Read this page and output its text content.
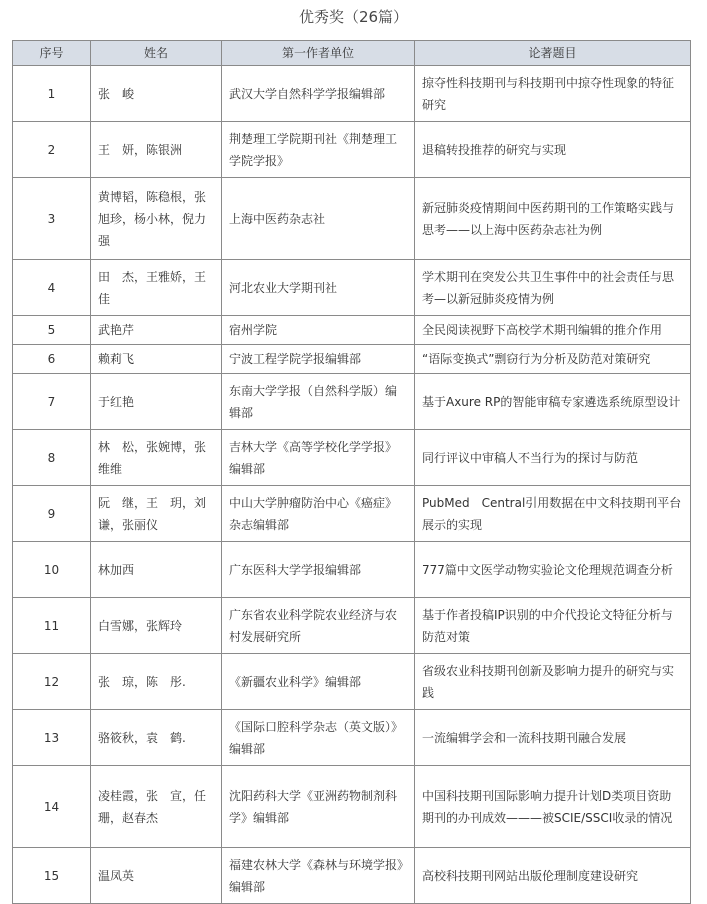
优秀奖（26篇）
序号	姓名	第一作者单位	论著题目
1	张　峻	武汉大学自然科学学报编辑部	掠夺性科技期刊与科技期刊中掠夺性现象的特征研究
2	王　妍，陈银洲	荆楚理工学院期刊社《荆楚理工学院学报》	退稿转投推荐的研究与实现
3	黄博韬，陈稳根，张旭珍，杨小林，倪力强	上海中医药杂志社	新冠肺炎疫情期间中医药期刊的工作策略实践与思考——以上海中医药杂志社为例
4	田　杰，王雅娇，王　佳	河北农业大学期刊社	学术期刊在突发公共卫生事件中的社会责任与思考—以新冠肺炎疫情为例
5	武艳芹	宿州学院	全民阅读视野下高校学术期刊编辑的推介作用
6	赖莉飞	宁波工程学院学报编辑部	“语际变换式”剽窃行为分析及防范对策研究
7	于红艳	东南大学学报（自然科学版）编辑部	基于Axure RP的智能审稿专家遴选系统原型设计
8	林　松，张婉博，张维维	吉林大学《高等学校化学学报》编辑部	同行评议中审稿人不当行为的探讨与防范
9	阮　继，王　玥，刘　谦，张丽仪	中山大学肿瘤防治中心《癌症》杂志编辑部	PubMed　Central引用数据在中文科技期刊平台展示的实现
10	林加西	广东医科大学学报编辑部	777篇中文医学动物实验论文伦理规范调查分析
11	白雪娜，张辉玲	广东省农业科学院农业经济与农村发展研究所	基于作者投稿IP识别的中介代投论文特征分析与防范对策
12	张　琼，陈　彤.	《新疆农业科学》编辑部	省级农业科技期刊创新及影响力提升的研究与实践
13	骆筱秋，袁　鹤.	《国际口腔科学杂志（英文版）》编辑部	一流编辑学会和一流科技期刊融合发展
14	凌桂霞，张　宣，任　珊，赵春杰	沈阳药科大学《亚洲药物制剂科学》编辑部	中国科技期刊国际影响力提升计划D类项目资助期刊的办刊成效———被SCIE/SSCI收录的情况
15	温凤英	福建农林大学《森林与环境学报》编辑部	高校科技期刊网站出版伦理制度建设研究
